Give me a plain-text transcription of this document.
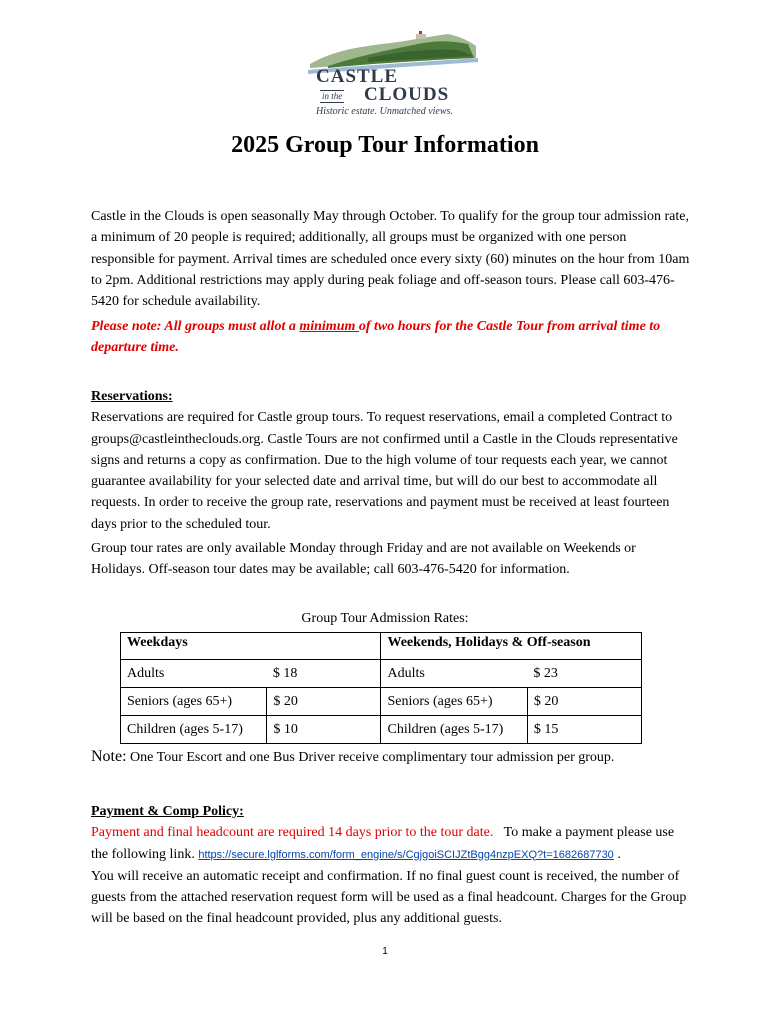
CASTLE
in the CLOUDS
Historic estate. Unmatched views.
2025 Group Tour Information

Castle in the Clouds is open seasonally May through October. To qualify for the group tour admission rate, a minimum of 20 people is required; additionally, all groups must be organized with one person responsible for payment. Arrival times are scheduled once every sixty (60) minutes on the hour from 10am to 2pm. Additional restrictions may apply during peak foliage and off-season tours. Please call 603-476-5420 for schedule availability.

Please note: All groups must allot a minimum of two hours for the Castle Tour from arrival time to departure time.

Reservations:
Reservations are required for Castle group tours. To request reservations, email a completed Contract to groups@castleintheclouds.org. Castle Tours are not confirmed until a Castle in the Clouds representative signs and returns a copy as confirmation. Due to the high volume of tour requests each year, we cannot guarantee availability for your selected date and arrival time, but will do our best to accommodate all requests. In order to receive the group rate, reservations and payment must be received at least fourteen days prior to the scheduled tour.

Group tour rates are only available Monday through Friday and are not available on Weekends or Holidays. Off-season tour dates may be available; call 603-476-5420 for information.

Group Tour Admission Rates:
Weekdays		Weekends, Holidays & Off-season	
Adults	$ 18	Adults	$ 23
Seniors (ages 65+)	$ 20	Seniors (ages 65+)	$ 20
Children (ages 5-17)	$ 10	Children (ages 5-17)	$ 15
Note: One Tour Escort and one Bus Driver receive complimentary tour admission per group.
Payment & Comp Policy:
Payment and final headcount are required 14 days prior to the tour date.   To make a payment please use the following link. https://secure.lglforms.com/form_engine/s/CgjgoiSCIJZtBgg4nzpEXQ?t=1682687730 .
You will receive an automatic receipt and confirmation. If no final guest count is received, the number of guests from the attached reservation request form will be used as a final headcount. Charges for the Group will be based on the final headcount provided, plus any additional guests.
1
